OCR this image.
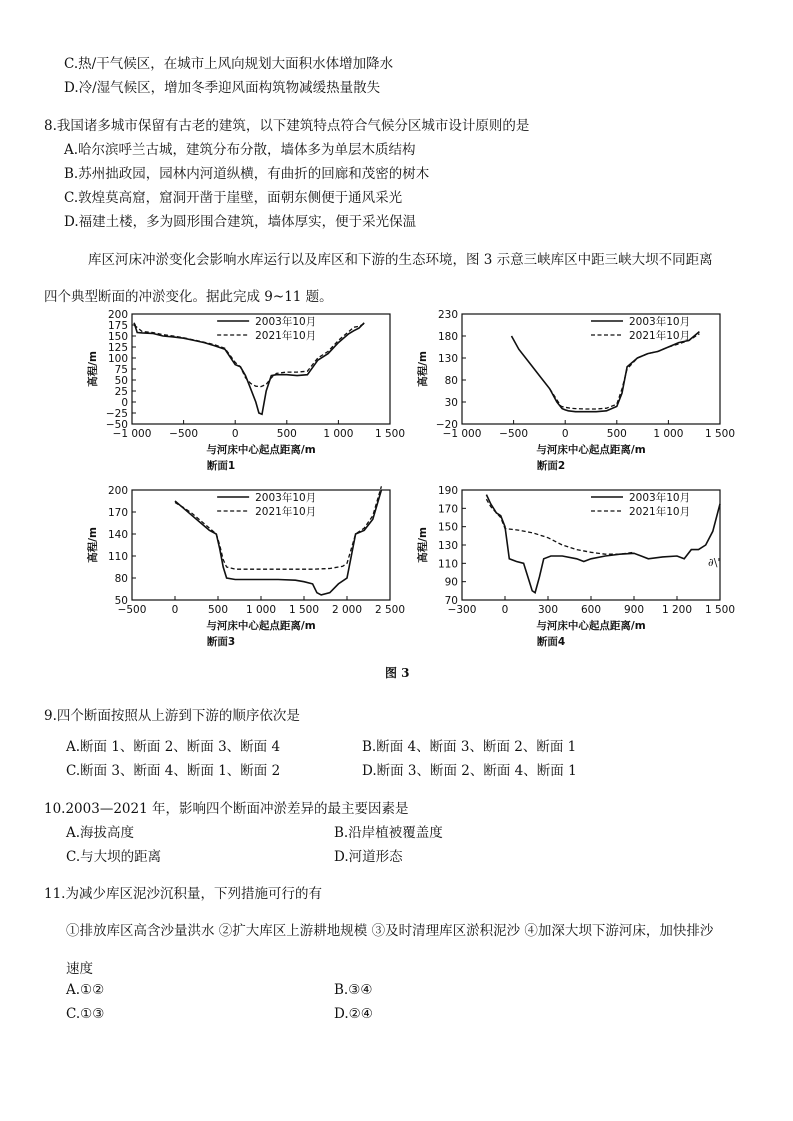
C.热/干气候区，在城市上风向规划大面积水体增加降水
D.冷/湿气候区，增加冬季迎风面构筑物减缓热量散失
8.我国诸多城市保留有古老的建筑，以下建筑特点符合气候分区城市设计原则的是
A.哈尔滨呼兰古城，建筑分布分散，墙体多为单层木质结构
B.苏州拙政园，园林内河道纵横，有曲折的回廊和茂密的树木
C.敦煌莫高窟，窟洞开凿于崖壁，面朝东侧便于通风采光
D.福建土楼，多为圆形围合建筑，墙体厚实，便于采光保温
库区河床冲淤变化会影响水库运行以及库区和下游的生态环境，图 3 示意三峡库区中距三峡大坝不同距离
四个典型断面的冲淤变化。据此完成 9~11 题。
−1 000 −500	0	500	1 000 1 500
200
175
150
125
100
75
50
25
0
−25
−50
高程/m
与河床中心起点距离/m
断面1
2003年10月
2021年10月
−1 000 −500	0	500	1 000 1 500
230
180
130
80
30
−20
高程/m
与河床中心起点距离/m
断面2
2003年10月
2021年10月
−500 0	500 1 000 1 500 2 000 2 500
200
170
140
110
80
50
高程/m
与河床中心起点距离/m
断面3
2003年10月
2021年10月
−300 0	300 600 900 1 200 1 500
190
170
150
130
110
90
70
高程/m
与河床中心起点距离/m
断面4
2003年10月
2021年10月
∂\'
图 3
9.四个断面按照从上游到下游的顺序依次是
A.断面 1、断面 2、断面 3、断面 4	B.断面 4、断面 3、断面 2、断面 1
C.断面 3、断面 4、断面 1、断面 2	D.断面 3、断面 2、断面 4、断面 1
10.2003—2021 年，影响四个断面冲淤差异的最主要因素是
A.海拔高度	B.沿岸植被覆盖度
C.与大坝的距离	D.河道形态
11.为减少库区泥沙沉积量，下列措施可行的有
①排放库区高含沙量洪水 ②扩大库区上游耕地规模 ③及时清理库区淤积泥沙 ④加深大坝下游河床，加快排沙
速度
A.①②	B.③④
C.①③	D.②④
